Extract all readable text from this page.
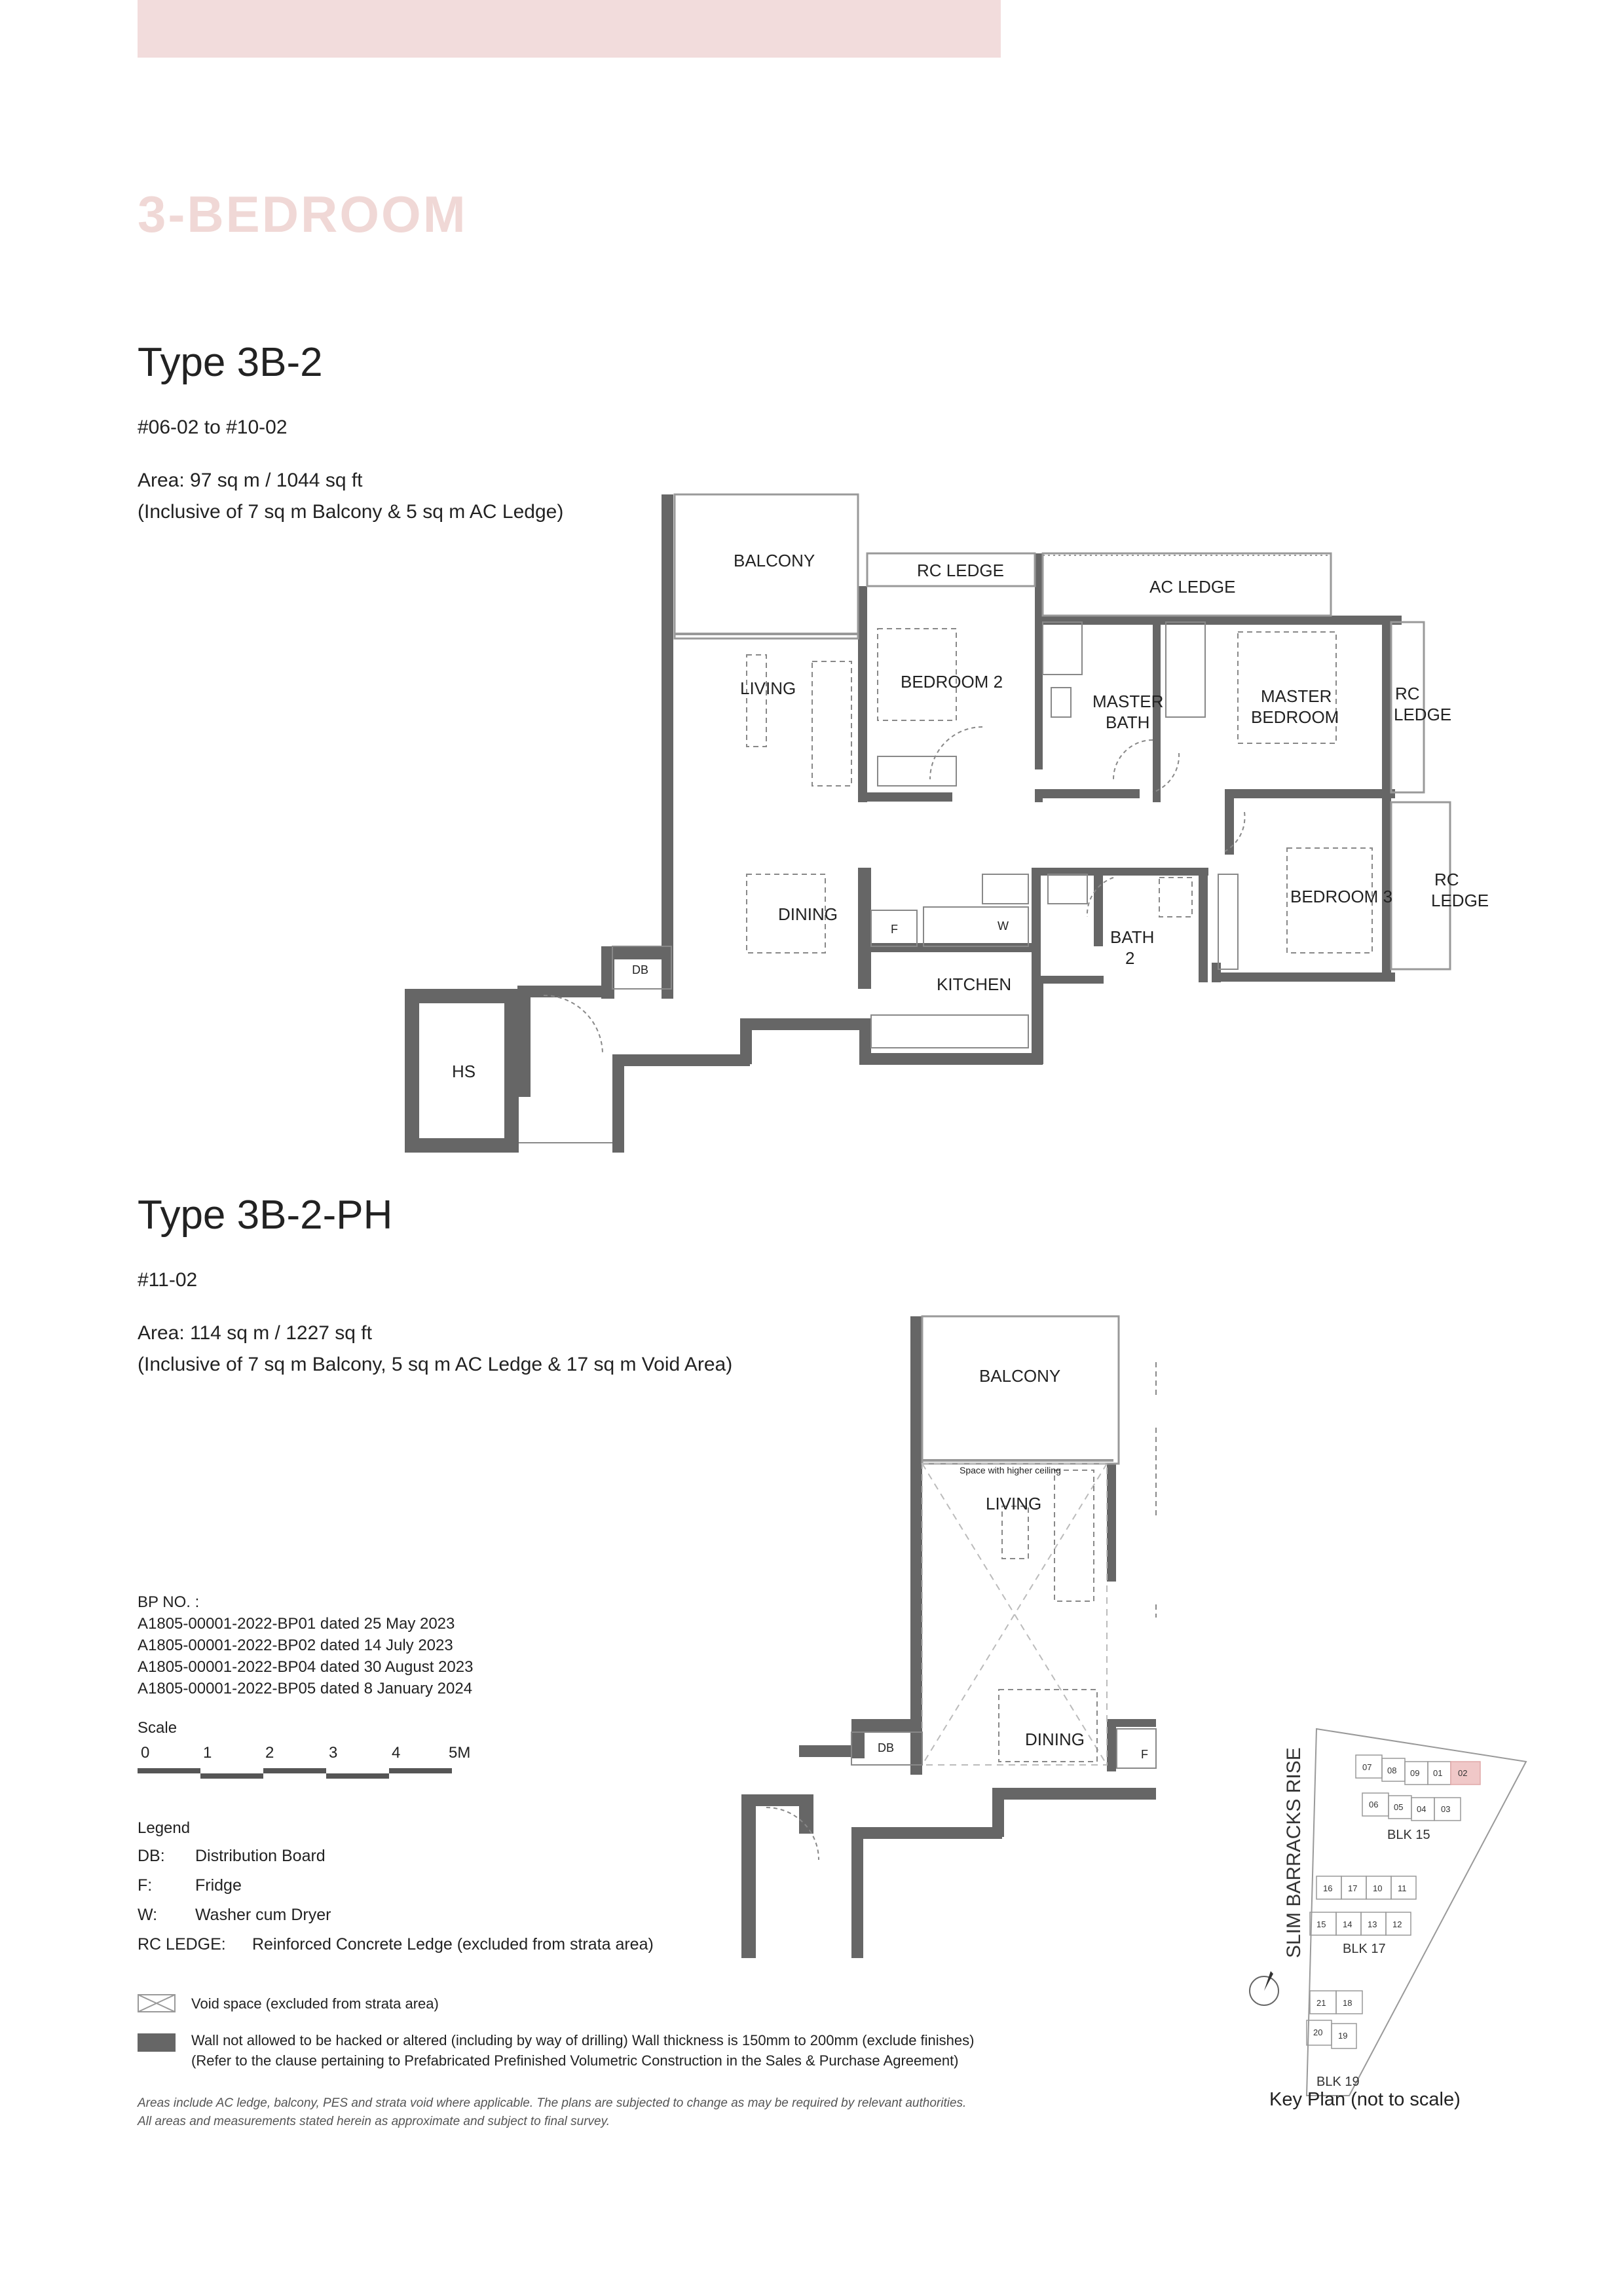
3-BEDROOM
Type 3B-2
#06-02 to #10-02
Area: 97 sq m / 1044 sq ft
(Inclusive of 7 sq m Balcony & 5 sq m AC Ledge)
BALCONY	RC LEDGE
AC LEDGE
LIVING	BEDROOM 2
MASTER
BATH
MASTER
BEDROOM
RC
LEDGE
RC
LEDGE
DINING
F	W
BATH
2
BEDROOM 3
KITCHEN
DB
HS
Type 3B-2-PH
#11-02
Area: 114 sq m / 1227 sq ft
(Inclusive of 7 sq m Balcony, 5 sq m AC Ledge & 17 sq m Void Area)
BALCONY
Space with higher ceiling
LIVING
DINING
F
DB
BP NO. :
A1805-00001-2022-BP01 dated 25 May 2023
A1805-00001-2022-BP02 dated 14 July 2023
A1805-00001-2022-BP04 dated 30 August 2023
A1805-00001-2022-BP05 dated 8 January 2024
Scale
0	1	2	3	4	5M
Legend
DB: Distribution Board
F:	Fridge
W: Washer cum Dryer
RC LEDGE: Reinforced Concrete Ledge (excluded from strata area)
Void space (excluded from strata area)
Wall not allowed to be hacked or altered (including by way of drilling) Wall thickness is 150mm to 200mm (exclude finishes)
(Refer to the clause pertaining to Prefabricated Prefinished Volumetric Construction in the Sales & Purchase Agreement)
Areas include AC ledge, balcony, PES and strata void where applicable. The plans are subjected to change as may be required by relevant authorities.
All areas and measurements stated herein as approximate and subject to final survey.
SLIM BARRACKS RISE	07 08 09 01 02
06 05 04 03
BLK 15
16 17 10 11
15 14 13 12
BLK 17
21 18
20 19
BLK 19
Key Plan (not to scale)
